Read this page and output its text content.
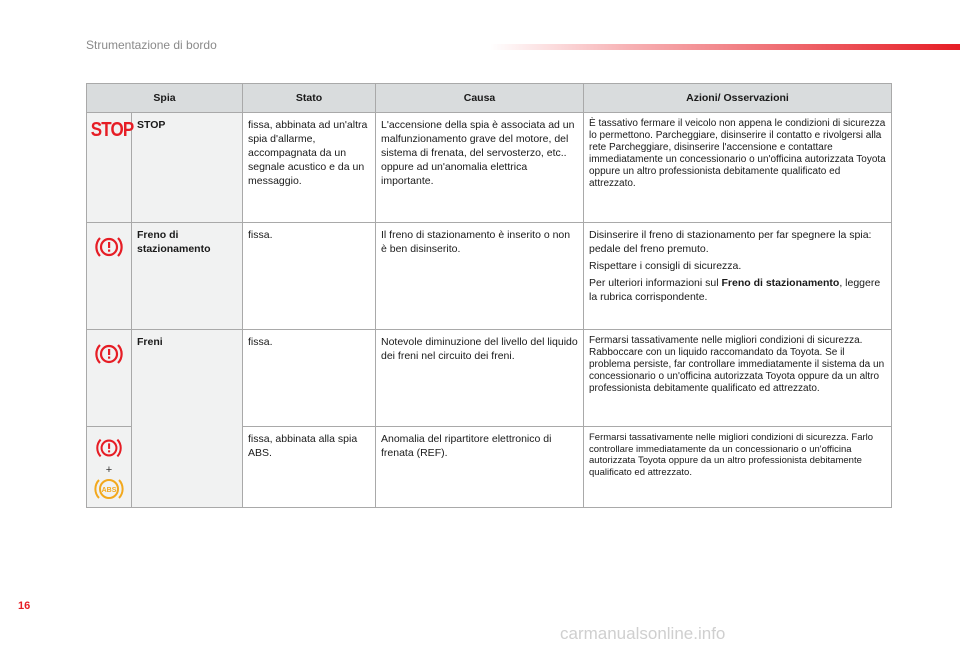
Strumentazione di bordo
Spia		Stato	Causa	Azioni/ Osservazioni
STOP	STOP	fissa, abbinata ad un'altra spia d'allarme, accompagnata da un segnale acustico e da un messaggio.	L'accensione della spia è associata ad un malfunzionamento grave del motore, del sistema di frenata, del servosterzo, etc.. oppure ad un'anomalia elettrica importante.	È tassativo fermare il veicolo non appena le condizioni di sicurezza lo permettono. Parcheggiare, disinserire il contatto e rivolgersi alla rete Parcheggiare, disinserire l'accensione e contattare immediatamente un concessionario o un'officina autorizzata Toyota oppure un altro professionista debitamente qualificato ed attrezzato.
	Freno di stazionamento	fissa.	Il freno di stazionamento è inserito o non è ben disinserito.	Disinserire il freno di stazionamento per far spegnere la spia: pedale del freno premuto.
Rispettare i consigli di sicurezza.
Per ulteriori informazioni sul Freno di stazionamento, leggere la rubrica corrispondente.

	Freni	fissa.	Notevole diminuzione del livello del liquido dei freni nel circuito dei freni.	Fermarsi tassativamente nelle migliori condizioni di sicurezza. Rabboccare con un liquido raccomandato da Toyota. Se il problema persiste, far controllare immediatamente il sistema da un concessionario o un'officina autorizzata Toyota oppure da un altro professionista debitamente qualificato ed attrezzato.

+
ABS		fissa, abbinata alla spia ABS.	Anomalia del ripartitore elettronico di frenata (REF).	Fermarsi tassativamente nelle migliori condizioni di sicurezza. Farlo controllare immediatamente da un concessionario o un'officina autorizzata Toyota oppure da un altro professionista debitamente qualificato ed attrezzato.
16
carmanualsonline.info
